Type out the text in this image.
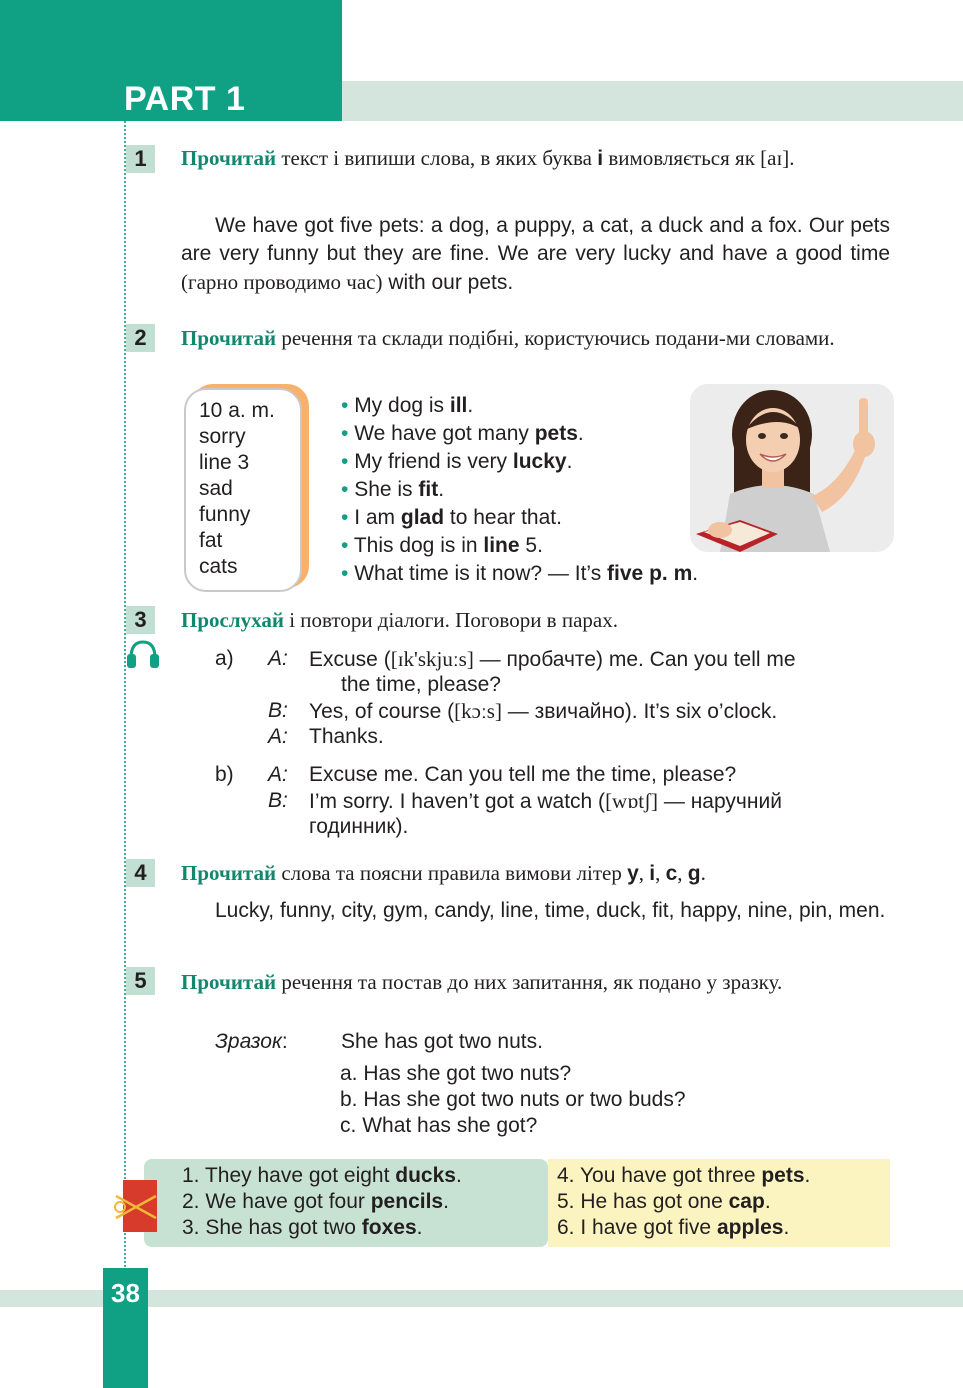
PART 1
1	Прочитай текст і випиши слова, в яких буква i вимовляється як [aɪ].

We have got five pets: a dog, a puppy, a cat, a duck and a fox. Our pets are very funny but they are fine. We are very lucky and have a good time (гарно проводимо час) with our pets.

2	Прочитай речення та склади подібні, користуючись подани-ми словами.
10 a. m.
sorry
line 3
sad
funny
fat
cats
• My dog is ill.
• We have got many pets.
• My friend is very lucky.
• She is fit.
• I am glad to hear that.
• This dog is in line 5.
• What time is it now? — It’s five p. m.
3	Прослухай і повтори діалоги. Поговори в парах.
a) A: Excuse ([ɪk'skjuːs] — пробачте) me. Can you tell me
the time, please?
B: Yes, of course ([kɔːs] — звичайно). It’s six o’clock.
A: Thanks.
b) A: Excuse me. Can you tell me the time, please?
B: I’m sorry. I haven’t got a watch ([wɒtʃ] — наручний
годинник).
4	Прочитай слова та поясни правила вимови літер y, i, c, g.
Lucky, funny, city, gym, candy, line, time, duck, fit, happy, nine, pin, men.
5	Прочитай речення та постав до них запитання, як подано у зразку.
Зразок:	She has got two nuts.
a. Has she got two nuts?
b. Has she got two nuts or two buds?
c. What has she got?
1. They have got eight ducks.
2. We have got four pencils.
3. She has got two foxes.
4. You have got three pets.
5. He has got one cap.
6. I have got five apples.
38
